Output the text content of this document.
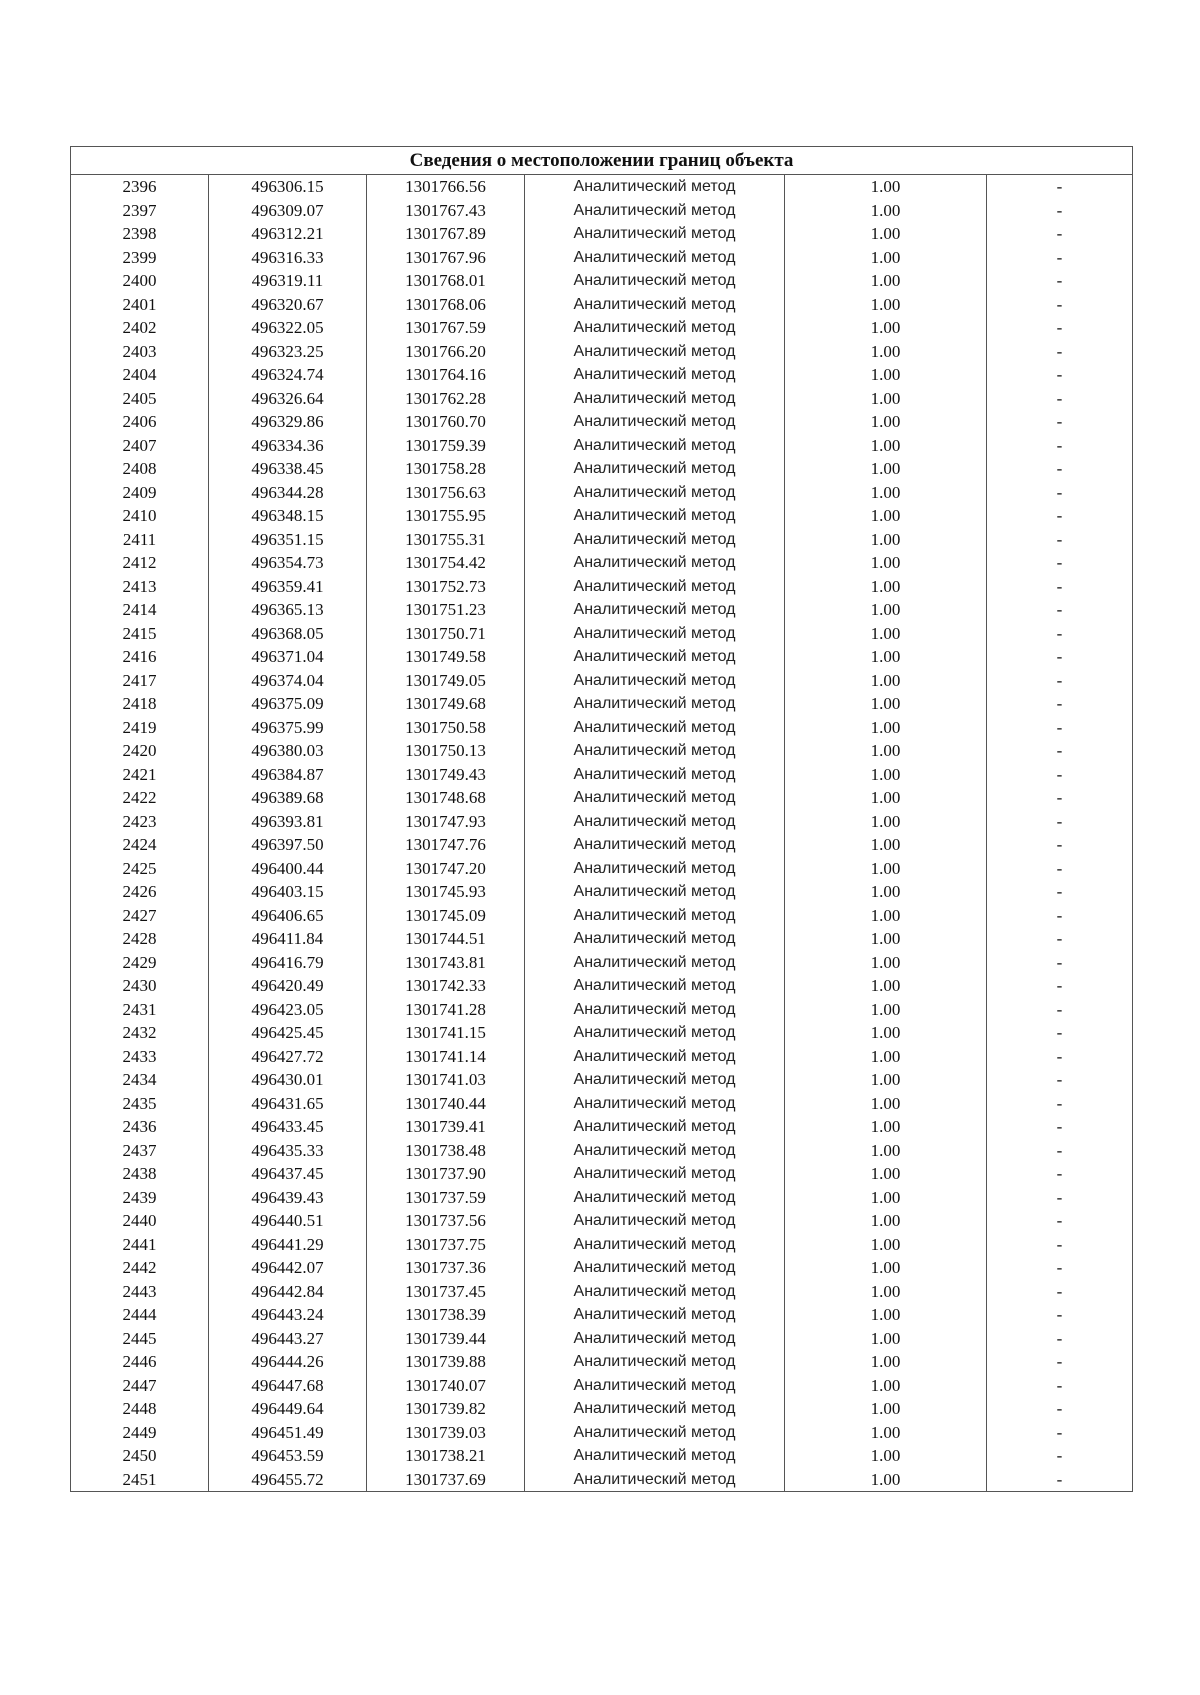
Сведения о местоположении границ объекта					
2396	496306.15	1301766.56	Аналитический метод	1.00	-
2397	496309.07	1301767.43	Аналитический метод	1.00	-
2398	496312.21	1301767.89	Аналитический метод	1.00	-
2399	496316.33	1301767.96	Аналитический метод	1.00	-
2400	496319.11	1301768.01	Аналитический метод	1.00	-
2401	496320.67	1301768.06	Аналитический метод	1.00	-
2402	496322.05	1301767.59	Аналитический метод	1.00	-
2403	496323.25	1301766.20	Аналитический метод	1.00	-
2404	496324.74	1301764.16	Аналитический метод	1.00	-
2405	496326.64	1301762.28	Аналитический метод	1.00	-
2406	496329.86	1301760.70	Аналитический метод	1.00	-
2407	496334.36	1301759.39	Аналитический метод	1.00	-
2408	496338.45	1301758.28	Аналитический метод	1.00	-
2409	496344.28	1301756.63	Аналитический метод	1.00	-
2410	496348.15	1301755.95	Аналитический метод	1.00	-
2411	496351.15	1301755.31	Аналитический метод	1.00	-
2412	496354.73	1301754.42	Аналитический метод	1.00	-
2413	496359.41	1301752.73	Аналитический метод	1.00	-
2414	496365.13	1301751.23	Аналитический метод	1.00	-
2415	496368.05	1301750.71	Аналитический метод	1.00	-
2416	496371.04	1301749.58	Аналитический метод	1.00	-
2417	496374.04	1301749.05	Аналитический метод	1.00	-
2418	496375.09	1301749.68	Аналитический метод	1.00	-
2419	496375.99	1301750.58	Аналитический метод	1.00	-
2420	496380.03	1301750.13	Аналитический метод	1.00	-
2421	496384.87	1301749.43	Аналитический метод	1.00	-
2422	496389.68	1301748.68	Аналитический метод	1.00	-
2423	496393.81	1301747.93	Аналитический метод	1.00	-
2424	496397.50	1301747.76	Аналитический метод	1.00	-
2425	496400.44	1301747.20	Аналитический метод	1.00	-
2426	496403.15	1301745.93	Аналитический метод	1.00	-
2427	496406.65	1301745.09	Аналитический метод	1.00	-
2428	496411.84	1301744.51	Аналитический метод	1.00	-
2429	496416.79	1301743.81	Аналитический метод	1.00	-
2430	496420.49	1301742.33	Аналитический метод	1.00	-
2431	496423.05	1301741.28	Аналитический метод	1.00	-
2432	496425.45	1301741.15	Аналитический метод	1.00	-
2433	496427.72	1301741.14	Аналитический метод	1.00	-
2434	496430.01	1301741.03	Аналитический метод	1.00	-
2435	496431.65	1301740.44	Аналитический метод	1.00	-
2436	496433.45	1301739.41	Аналитический метод	1.00	-
2437	496435.33	1301738.48	Аналитический метод	1.00	-
2438	496437.45	1301737.90	Аналитический метод	1.00	-
2439	496439.43	1301737.59	Аналитический метод	1.00	-
2440	496440.51	1301737.56	Аналитический метод	1.00	-
2441	496441.29	1301737.75	Аналитический метод	1.00	-
2442	496442.07	1301737.36	Аналитический метод	1.00	-
2443	496442.84	1301737.45	Аналитический метод	1.00	-
2444	496443.24	1301738.39	Аналитический метод	1.00	-
2445	496443.27	1301739.44	Аналитический метод	1.00	-
2446	496444.26	1301739.88	Аналитический метод	1.00	-
2447	496447.68	1301740.07	Аналитический метод	1.00	-
2448	496449.64	1301739.82	Аналитический метод	1.00	-
2449	496451.49	1301739.03	Аналитический метод	1.00	-
2450	496453.59	1301738.21	Аналитический метод	1.00	-
2451	496455.72	1301737.69	Аналитический метод	1.00	-
